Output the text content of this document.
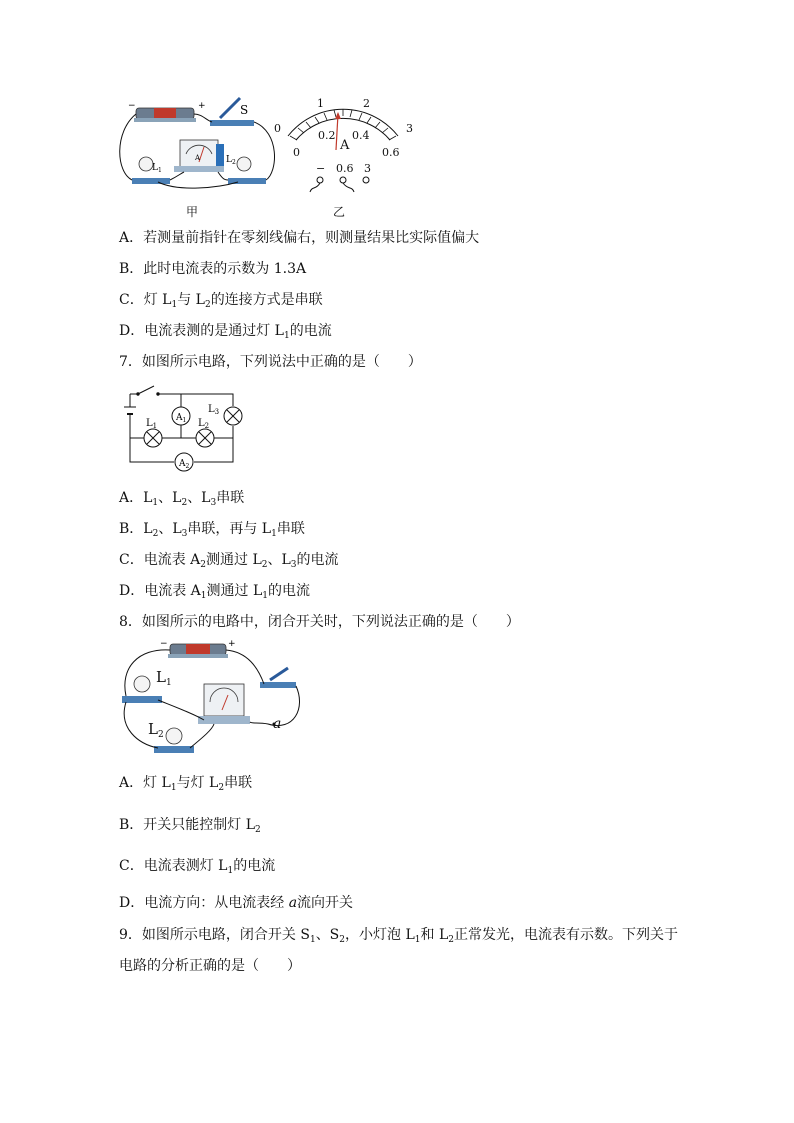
−	+	S
A
$L_1$
$L_2$
甲
0
1	2
3
0
0.2 0.4
0.6
A
− 0.6 3
乙
A．若测量前指针在零刻线偏右，则测量结果比实际值偏大
B．此时电流表的示数为 1.3A
C．灯 $L_1$与 $L_2$的连接方式是串联
D．电流表测的是通过灯 $L_1$的电流
7．如图所示电路，下列说法中正确的是（　　）
$A_1$
$A_2$
$L_1$	$L_2$
$L_3$
A．$L_1$、$L_2$、$L_3$串联
B．$L_2$、$L_3$串联，再与 $L_1$串联
C．电流表 $A_2$测通过 $L_2$、$L_3$的电流
D．电流表 $A_1$测通过 $L_1$的电流
8．如图所示的电路中，闭合开关时，下列说法正确的是（　　）
−	+
$L_1$
$L_2$
a
A．灯 $L_1$与灯 $L_2$串联
B．开关只能控制灯 $L_2$
C．电流表测灯 $L_1$的电流
D．电流方向：从电流表经 a流向开关
9．如图所示电路，闭合开关 $S_1$、$S_2$，小灯泡 $L_1$和 $L_2$正常发光，电流表有示数。下列关于
电路的分析正确的是（　　）
